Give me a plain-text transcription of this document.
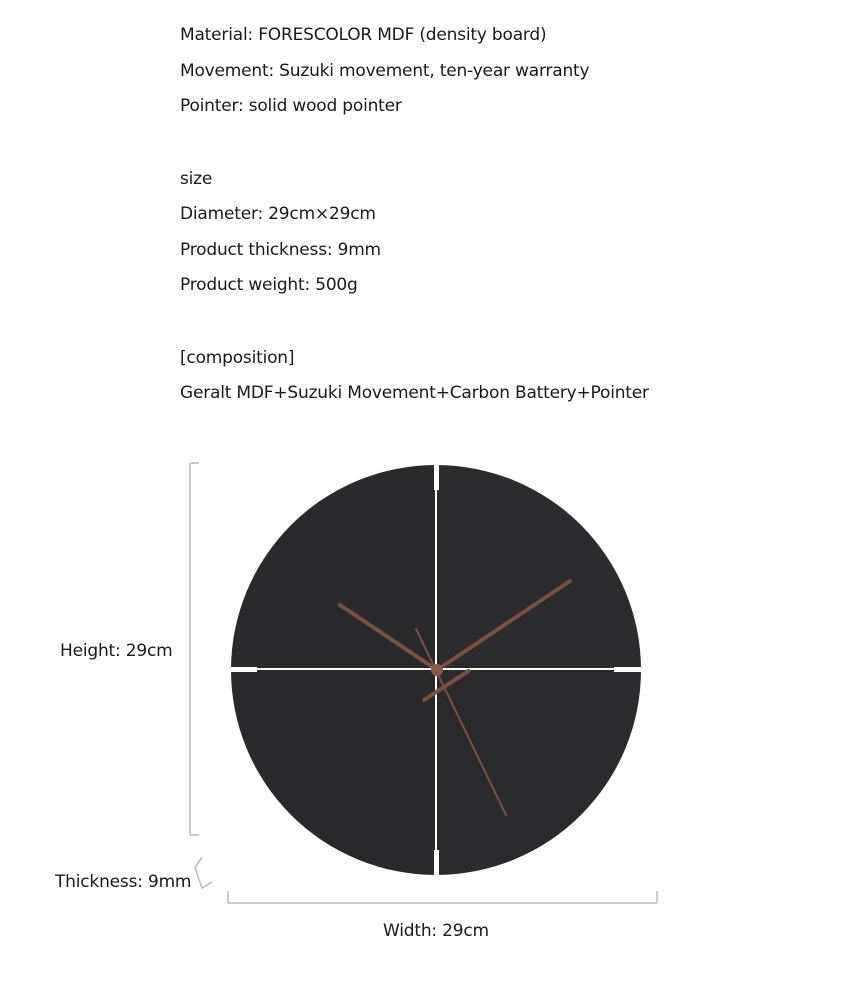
Material: FORESCOLOR MDF (density board)
Movement: Suzuki movement, ten-year warranty
Pointer: solid wood pointer
size
Diameter: 29cm×29cm
Product thickness: 9mm
Product weight: 500g
[composition]
Geralt MDF+Suzuki Movement+Carbon Battery+Pointer
Height: 29cm
Thickness: 9mm
Width: 29cm
